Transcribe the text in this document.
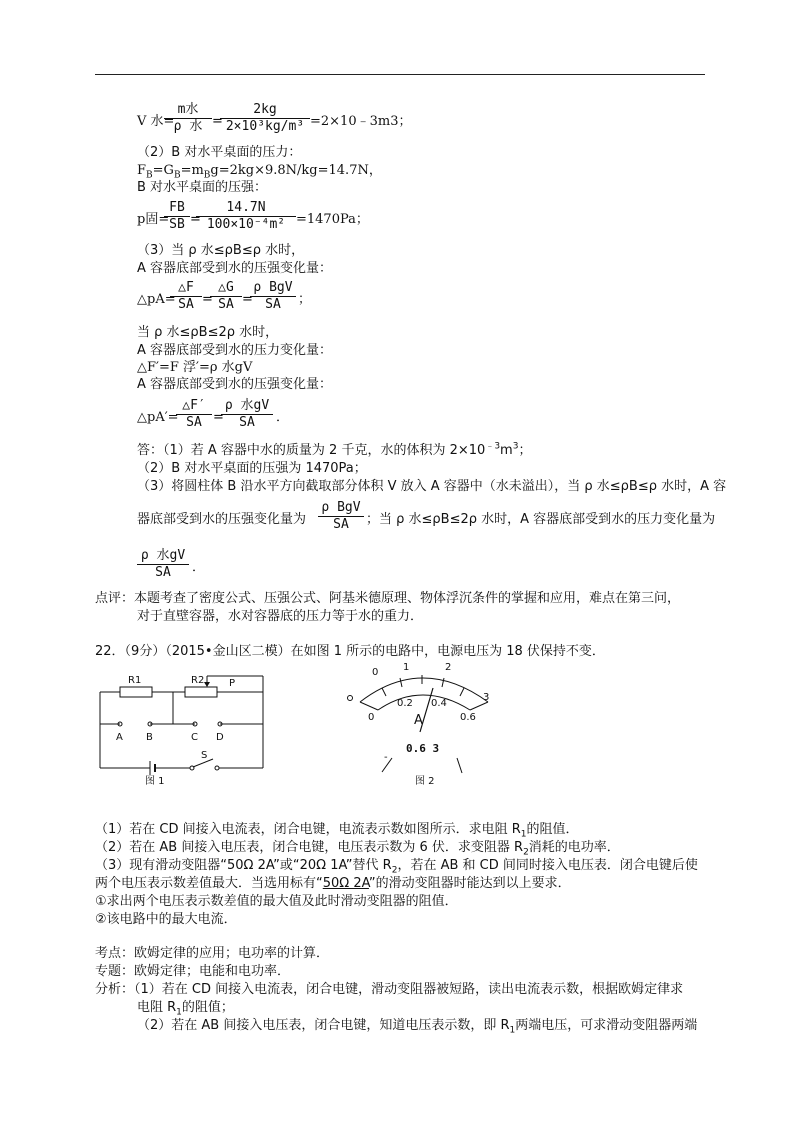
V 水=
m水
ρ 水 =
$\frac{2kg}{\text{2×10³kg/m³}}$ =2×10﹣3m3；
（2）B 对水平桌面的压力：
$F_B=G_B=m_Bg=2kg\times 9.8N/kg=14.7N$，
B 对水平桌面的压强：
p固=
$\frac{FB}{SB}$ =
$\frac{14.7N}{\text{100×10⁻⁴m²}} =1470Pa$；
（3）当 ρ 水≤ρB≤ρ 水时，
A 容器底部受到水的压强变化量：
△pA=
$\frac{\triangle F}{SA}$ =
$\frac{\triangle G}{SA}$ =
ρ BgV
SA	；
当 ρ 水≤ρB≤2ρ 水时，
A 容器底部受到水的压力变化量：
△F′=F 浮′=ρ 水gV
A 容器底部受到水的压强变化量：
△pA′=
$\frac{\triangle F'}{SA}$ =
ρ 水gV
SA	．
答：（1）若 A 容器中水的质量为 2 千克，水的体积为 $2\times 10^{﹣3}m^3$；
（2）B 对水平桌面的压强为 1470Pa；
（3）将圆柱体 B 沿水平方向截取部分体积 V 放入 A 容器中（水未溢出），当 ρ 水≤ρB≤ρ 水时，A 容
器底部受到水的压强变化量为
ρ BgV
SA	；当 ρ 水≤ρB≤2ρ 水时，A 容器底部受到水的压力变化量为
ρ 水gV
SA	．
点评：本题考查了密度公式、压强公式、阿基米德原理、物体浮沉条件的掌握和应用，难点在第三问，
对于直壁容器，水对容器底的压力等于水的重力．
22．（9分）（2015•金山区二模）在如图 1 所示的电路中，电源电压为 18 伏保持不变．
R1	R2 P
A B	C D
S
图 1
0 1	2
3
0
0.2 0.4
0.6
A
-
0.6 3
图 2
（1）若在 CD 间接入电流表，闭合电键，电流表示数如图所示．求电阻 $R_1$的阻值．
（2）若在 AB 间接入电压表，闭合电键，电压表示数为 6 伏．求变阻器 $R_2$消耗的电功率．
（3）现有滑动变阻器“50Ω 2A”或“20Ω 1A”替代 $R_2$，若在 AB 和 CD 间同时接入电压表．闭合电键后使
两个电压表示数差值最大．当选用标有“50Ω 2A”的滑动变阻器时能达到以上要求．
①求出两个电压表示数差值的最大值及此时滑动变阻器的阻值．
②该电路中的最大电流．
考点：欧姆定律的应用；电功率的计算．
专题：欧姆定律；电能和电功率．
分析：（1）若在 CD 间接入电流表，闭合电键，滑动变阻器被短路，读出电流表示数，根据欧姆定律求
电阻 $R_1$的阻值；
（2）若在 AB 间接入电压表，闭合电键，知道电压表示数，即 $R_1$两端电压，可求滑动变阻器两端
